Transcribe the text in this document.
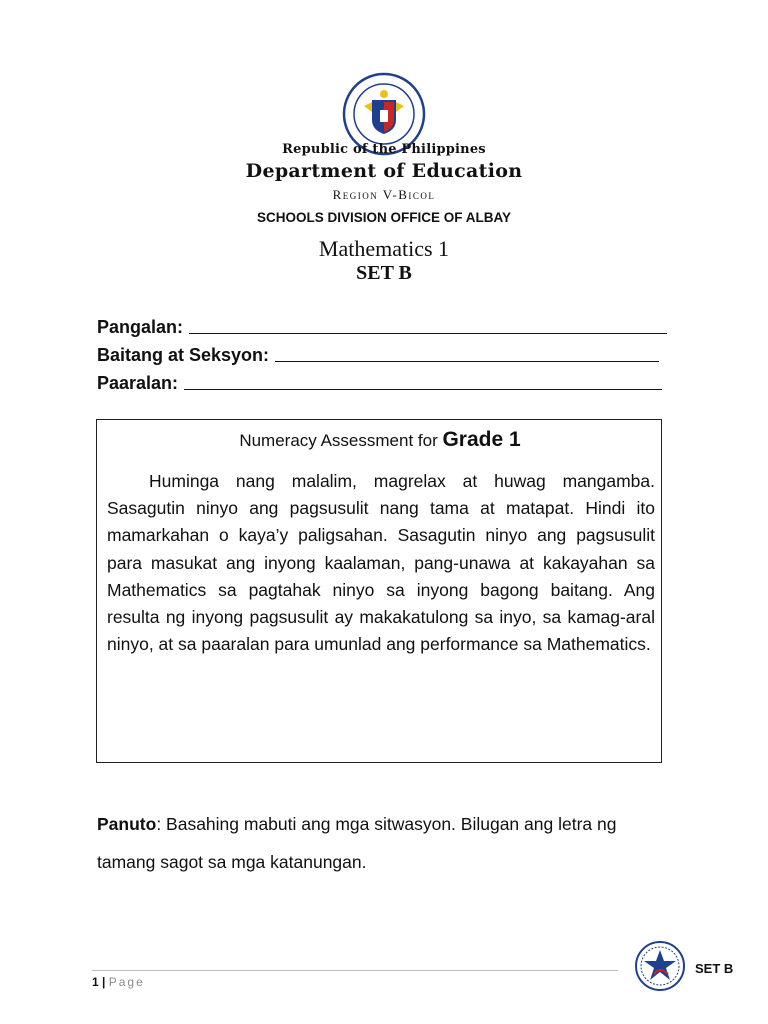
Republic of the Philippines
Department of Education
Region V-Bicol
SCHOOLS DIVISION OFFICE OF ALBAY
Mathematics 1
SET B
Pangalan:
Baitang at Seksyon:
Paaralan:
Numeracy Assessment for Grade 1
Huminga nang malalim, magrelax at huwag mangamba. Sasagutin ninyo ang pagsusulit nang tama at matapat. Hindi ito mamarkahan o kaya’y paligsahan. Sasagutin ninyo ang pagsusulit para masukat ang inyong kaalaman, pang-unawa at kakayahan sa Mathematics sa pagtahak ninyo sa inyong bagong baitang. Ang resulta ng inyong pagsusulit ay makakatulong sa inyo, sa kamag-aral ninyo, at sa paaralan para umunlad ang performance sa Mathematics.
Panuto: Basahing mabuti ang mga sitwasyon. Bilugan ang letra ng tamang sagot sa mga katanungan.
1 | Page
SET B
